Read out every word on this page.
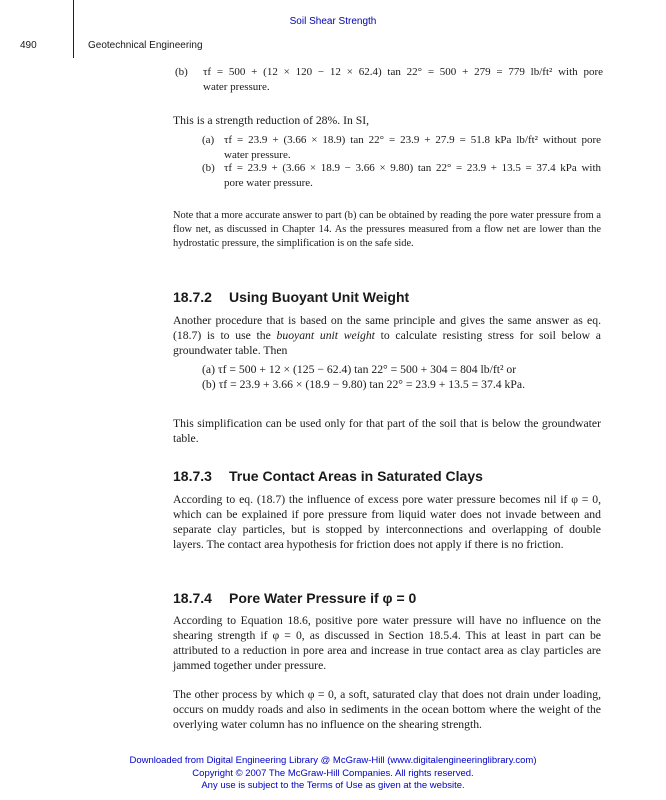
Soil Shear Strength
490	Geotechnical Engineering
(b) τf = 500 + (12 × 120 − 12 × 62.4) tan 22° = 500 + 279 = 779 lb/ft² with pore
water pressure.
This is a strength reduction of 28%. In SI,
(a) τf = 23.9 + (3.66 × 18.9) tan 22° = 23.9 + 27.9 = 51.8 kPa lb/ft² without pore
water pressure.
(b) τf = 23.9 + (3.66 × 18.9 − 3.66 × 9.80) tan 22° = 23.9 + 13.5 = 37.4 kPa with
pore water pressure.
Note that a more accurate answer to part (b) can be obtained by reading the pore water pressure from a flow net, as discussed in Chapter 14. As the pressures measured from a flow net are lower than the hydrostatic pressure, the simplification is on the safe side.
18.7.2 Using Buoyant Unit Weight
Another procedure that is based on the same principle and gives the same answer as eq. (18.7) is to use the buoyant unit weight to calculate resisting stress for soil below a groundwater table. Then
(a) τf = 500 + 12 × (125 − 62.4) tan 22° = 500 + 304 = 804 lb/ft² or
(b) τf = 23.9 + 3.66 × (18.9 − 9.80) tan 22° = 23.9 + 13.5 = 37.4 kPa.
This simplification can be used only for that part of the soil that is below the groundwater table.
18.7.3 True Contact Areas in Saturated Clays
According to eq. (18.7) the influence of excess pore water pressure becomes nil if φ = 0, which can be explained if pore pressure from liquid water does not invade between and separate clay particles, but is stopped by interconnections and overlapping of double layers. The contact area hypothesis for friction does not apply if there is no friction.
18.7.4 Pore Water Pressure if φ = 0
According to Equation 18.6, positive pore water pressure will have no influence on the shearing strength if φ = 0, as discussed in Section 18.5.4. This at least in part can be attributed to a reduction in pore area and increase in true contact area as clay particles are jammed together under pressure.
The other process by which φ = 0, a soft, saturated clay that does not drain under loading, occurs on muddy roads and also in sediments in the ocean bottom where the weight of the overlying water column has no influence on the shearing strength.
Downloaded from Digital Engineering Library @ McGraw-Hill (www.digitalengineeringlibrary.com)
Copyright © 2007 The McGraw-Hill Companies. All rights reserved.
Any use is subject to the Terms of Use as given at the website.
